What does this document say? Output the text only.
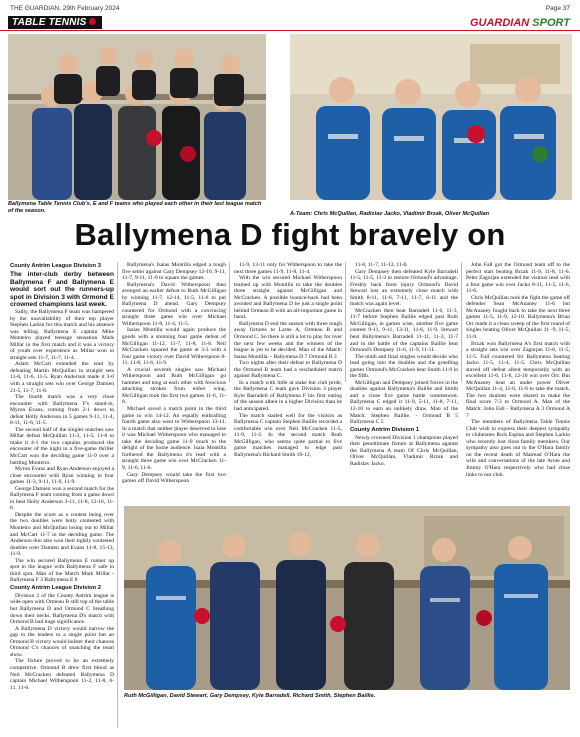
THE GUARDIAN, 29th February 2024	Page 37
TABLE TENNIS	GUARDIAN SPORT
Ballymena Table Tennis Club's, E and F teams who played each other in their last league match of the season.
A-Team: Chris McQuillan, Radislav Jacko, Vladimir Brzak, Oliver McQuillan
Ballymena D fight bravely on

County Antrim League Division 3

The inter-club derby between Ballymena F and Ballymena E would sort out the runners-up spot in Division 3 with Ormond E crowned champions last week.

Sadly, the Ballymena F team was hampered by the unavailability of their top player Stephen Larkin for this match and his absence was telling. Ballymena E captain Mike Monteiro played teenage sensation Mark Millar in the first match and it was a victory of youth over experience as Millar won in straight sets 11-7, 11-7, 11-4.

Adam McCart extended the lead by defeating Martin McQuillan in straight sets 11-8, 11-6, 11-5. Ryan Anderson made it 3-0 with a straight sets win over George Damien 21-5, 11-7, 11-8.

The fourth match was a very close encounter with Ballymena F's stand-in, Myron Evans, coming from 2-1 down to defeat Holly Anderson in 5 games 9-11, 11-4, 8-11, 11-6, 11-5.

The second half of the singles matches saw Millar defeat McQuillan 11-3, 11-5, 11-8 to make it 4-1 the two captains produced the encounter of the night in a five-game thriller McCart won the deciding game 11-9 over a battling Monteiro.

Myron Evans and Ryan Anderson enjoyed a close encounter with Ryan winning in four games 11-3, 9-11, 11-9, 11-9.

George Damien won a second match for the Ballymena F team coming from a game down to beat Holly Anderson 3-11, 11-8, 12-10, 11-6.

Despite the score as a contest being over the two doubles were hotly contested with Monteiro and McQuillan losing out to Millar and McCart 11-7 in the deciding game. The Anderson duo also won their tightly contested doubles over Damien and Evans 11-8, 15-13, 11-9.

The win secured Ballymena E runner up spot in the league with Ballymena F safe in third spot. Man of the Match Mark Millar - Ballymena F 3 Ballymena E 8

County Antrim League Division 2

Division 2 of the County Antrim league is wide open with Ormeau B still top of the table but Ballymena D and Ormond C breathing down their necks. Ballymena D's match with Ormond B had huge significance.

A Ballymena D victory would narrow the gap to the leaders to a single point but an Ormond B victory would bolster their chances Ormond C's chances of snatching the team show.

The fixture proved to be an extremely competitive. Ormond B drew first blood as Neil McCracken defeated Ballymena D captain Michael Witherspoon 11-2, 11-8, 6-11, 11-6.

Ballymena's Isaias Montilla edged a tough five setter against Gary Dempsey 12-10, 9-11, 11-7, 9-11, 11-9 to square the games.

Ballymena's David Witherspoon then avenged an earlier defeat to Ruth McGilligan by winning 11-7, 12-14, 11-5, 11-6 to put Ballymena D ahead. Gary Dempsey countered for Ormond with a convincing straight three game win over Michael Witherspoon 11-8, 11-4, 11-5.

Isaias Montilla would again produce the goods with a stunning four game defeat of McGilligan 11-12, 11-7, 11-8, 11-8. Neil McCracken squared the game at 3-3 with a four game victory over David Witherspoon 8-11, 11-8, 11-6, 11-9.

A crucial seventh singles saw Michael Witherspoon and Ruth McGilligan go hammer and tong at each other with ferocious attacking strokes from either wing. McGilligan took the first two games 11-6, 11-8.

Michael saved a match point in the third game to win 14-12. An equally enthralling fourth game also went to Witherspoon 13-11. In a match that neither player deserved to lose it was Michael Witherspoon who managed to take the deciding game 11-9 much to the delight of the home audience. Isaia Montilla furthered the Ballymena d's lead with a straight three game win over McCracken 11-9, 11-6, 11-6.

Gary Dempsey would take the first two games off David Witherspoon

11-9, 13-11 only for Witherspoon to take the next three games 11-9, 11-8, 11-4.

With the win secured Michael Witherspoon teamed up with Montilla to take the doubles three straight against McGilligan and McCracken. A possible bounce-back had been avoided and Ballymena D be just a single point behind Ormeau B with an all-important game in hand.

Ballymena D end the season with three tough away fixtures to Larne A, Ormeau B and Ormond C. So there is still a lot to play for over the next few weeks and the winners of the league is yet to be decided. Man of the Match: Isaias Montilla. - Ballymena D 7 Ormond B 3

Two nights after their defeat to Ballymena D the Ormond B team had a rescheduled match against Ballymena C.

In a match with little at stake but club pride, the Ballymena C team gave Division 3 player Kyle Barradell of Ballymena F his first outing of the season albeit in a higher Division than he had anticipated.

The match started well for the visitors as Ballymena C captain Stephen Baillie recorded a comfortable win over Neil McCracken 11-5, 11-9, 11-2. In the second match Ruth McGilligan, who seems quite partial to five game matches managed to edge past Ballymena's Richard Smith 10-12,

11-8, 11-7, 11-13, 11-6.

Gary Dempsey then defeated Kyle Barradell 11-5, 11-5, 11-3 to restore Ormond's advantage. Freshly back from injury Ormond's David Stewart lost an extremely close match with Smith 8-11, 11-6, 7-11, 11-7, 6-11 and the match was again level.

McCracken then beat Barradell 11-6, 11-3, 11-7 before Stephen Baillie edged past Ruth McGilligan, in games wise, another five game contest 9-11, 9-11, 13-11, 11-6, 11-9. Stewart beat Ballymena's Barradell 11-11, 11-3, 11-7 and in the battle of the captains Baillie beat Ormond's Dempsey 11-6, 11-9, 11-11.

The ninth and final singles would decide who lead going into the doubles and the gruelling games Ormond's McCracken beat Smith 11-9 in the fifth.

McGilligan and Dempsey joined forces in the doubles against Ballymena's Baillie and Smith and a close five game battle commenced. Ballymena C edged it 11-9, 5-11, 11-8, 7-11, 12-10 to earn an unlikely draw. Man of the Match: Stephen Baillie. - Ormond B 5 Ballymena C 5

County Antrim Division 1

Newly crowned Division 1 champions played their penultimate fixture at Ballymena against the Ballymena A team Of Chris McQuillan, Oliver McQuillan, Vladimir Brzak and Radislav Jacko.

John Fall got the Ormond team off to the perfect start beating Brzak 11-9, 11-8, 11-6. Peter Zagorjan extended the visitors lead with a four game win over Jacko 8-11, 11-5, 11-6, 11-6.

Chris McQuillan took the fight the game off defender Sean McAnaney 11-6 but McAnaney fought back to take the next three games 11-5, 11-9, 12-10. Ballymena's Brian Orr made it a clean sweep of the first round of singles beating Oliver McQuillan 11 -9, 11-5, 11-9.

Brzak won Ballymena A's first match with a straight sets win over Zagorjan 11-6, 11-5, 11-5. Full countered for Ballymena beating Jacko 11-5, 11-4, 11-5. Chris McQuillan staved off defeat albeit temporarily with an excellent 11-6, 11-8, 12-10 win over Orr. But McAnaney beat an under power Oliver McQuillan 11-4, 11-6, 11-6 to take the match. The two doubles were shared to make the final score 7-3 to Ormond A. Man of the Match: John Fall - Ballymena A 3 Ormond A 7

The members of Ballymena Table Tennis Club wish to express their deepest sympathy to clubmates Rick Espina and Stephen Larkin who recently lost close family members. Our sympathy also goes out to the O'Hara family on the recent death of Mairead O'Hara the wife and conversations of the late Arnie and Jimmy O'Hara respectively who had close links to our club.

Ruth McGilligan, David Stewart, Gary Dempsey, Kyle Barradell, Richard Smith, Stephen Baillie.
